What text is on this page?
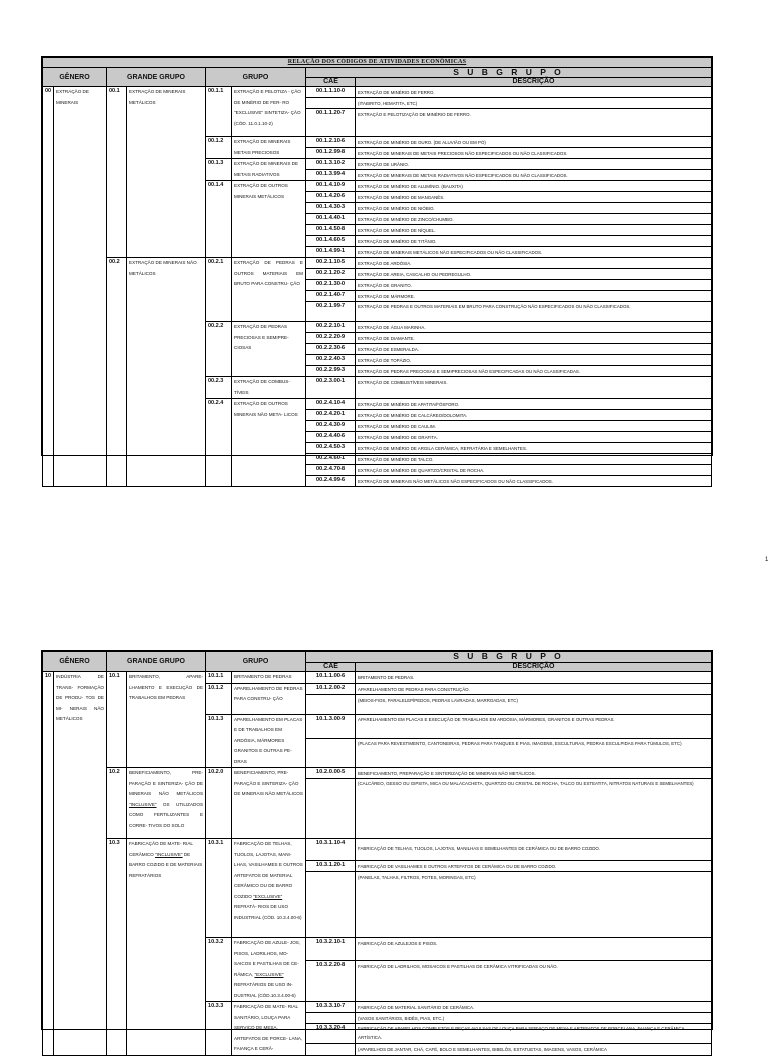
RELAÇÃO DOS CÓDIGOS DE ATIVIDADES ECONÔMICAS							
GÊNERO		GRANDE GRUPO		GRUPO		S U B G R U P O	
						CAE	DESCRIÇÃO
00	EXTRAÇÃO DE MINERAIS	00.1	EXTRAÇÃO DE MINERAIS METÁLICOS	00.1.1	EXTRAÇÃO E PELOTIZA - ÇÃO DE MINÉRIO DE FER- RO "EXCLUSIVE" SINTETIZA- ÇÃO (CÓD. 11.0.1.10-2)	00.1.1.10-0	EXTRAÇÃO DE MINÉRIO DE FERRO.
							(ITABIRITO, HEMATITA, ETC)
						00.1.1.20-7	EXTRAÇÃO E PELOTIZAÇÃO DE MINÉRIO DE FERRO.
				00.1.2	EXTRAÇÃO DE MINERAIS METAIS PRECIOSOS	00.1.2.10-6	EXTRAÇÃO DE MINÉRIO DE OURO. (DE ALUVIÃO OU EM PÓ)
						00.1.2.99-8	EXTRAÇÃO DE MINERAIS DE METAIS PRECIOSOS NÃO ESPECIFICADOS OU NÃO CLASSIFICADOS.
				00.1.3	EXTRAÇÃO DE MINERAIS DE METAIS RADIATIVOS	00.1.3.10-2	EXTRAÇÃO DE URÂNIO.
						00.1.3.99-4	EXTRAÇÃO DE MINERAIS DE METAIS RADIATIVOS NÃO ESPECIFICADOS OU NÃO CLASSIFICADOS.
				00.1.4	EXTRAÇÃO DE OUTROS MINERAIS METÁLICOS	00.1.4.10-9	EXTRAÇÃO DE MINÉRIO DE ALUMÍNIO. (BAUXITA)
						00.1.4.20-6	EXTRAÇÃO DE MINÉRIO DE MANGANÊS.
						00.1.4.30-3	EXTRAÇÃO DE MINÉRIO DE NIÓBIO.
						00.1.4.40-1	EXTRAÇÃO DE MINÉRIO DE ZINCO/CHUMBO.
						00.1.4.50-8	EXTRAÇÃO DE MINÉRIO DE NÍQUEL.
						00.1.4.60-5	EXTRAÇÃO DE MINÉRIO DE TITÂNIO.
						00.1.4.99-1	EXTRAÇÃO DE MINERAIS METÁLICOS NÃO ESPECIFICADOS OU NÃO CLASSIFICADOS.
		00.2	EXTRAÇÃO DE MINERAIS NÃO METÁLICOS	00.2.1	EXTRAÇÃO DE PEDRAS E OUTROS MATERIAIS EM BRUTO PARA CONSTRU- ÇÃO	00.2.1.10-5	EXTRAÇÃO DE ARDÓSIA.
						00.2.1.20-2	EXTRAÇÃO DE AREIA, CASCALHO OU PEDREGULHO.
						00.2.1.30-0	EXTRAÇÃO DE GRANITO.
						00.2.1.40-7	EXTRAÇÃO DE MÁRMORE.
						00.2.1.99-7	EXTRAÇÃO DE PEDRAS E OUTROS MATERIAIS EM BRUTO PARA CONSTRUÇÃO NÃO ESPECIFICADOS OU NÃO CLASSIFICADOS.
				00.2.2	EXTRAÇÃO DE PEDRAS PRECIOSAS E SEMIPRE- CIOSAS	00.2.2.10-1	EXTRAÇÃO DE ÁGUA MARINHA.
						00.2.2.20-9	EXTRAÇÃO DE DIAMANTE.
						00.2.2.30-6	EXTRAÇÃO DE ESMERALDA.
						00.2.2.40-3	EXTRAÇÃO DE TOPÁZIO.
						00.2.2.99-3	EXTRAÇÃO DE PEDRAS PRECIOSAS E SEMIPRECIOSAS NÃO ESPECIFICADAS OU NÃO CLASSIFICADAS.
				00.2.3	EXTRAÇÃO DE COMBUS- TÍVEIS	00.2.3.00-1	EXTRAÇÃO DE COMBUSTÍVEIS MINERAIS.
				00.2.4	EXTRAÇÃO DE OUTROS MINERAIS NÃO META- LICOS	00.2.4.10-4	EXTRAÇÃO DE MINÉRIO DE APATITA/FÓSFORO.
						00.2.4.20-1	EXTRAÇÃO DE MINÉRIO DE CALCÁREO/DOLOMITA.
						00.2.4.30-9	EXTRAÇÃO DE MINÉRIO DE CAULIM.
						00.2.4.40-6	EXTRAÇÃO DE MINÉRIO DE GRAFITA.
						00.2.4.50-3	EXTRAÇÃO DE MINÉRIO DE ARGILA CERÂMICA, REFRATÁRIA E SEMELHANTES.
						00.2.4.60-1	EXTRAÇÃO DE MINÉRIO DE TALCO.
						00.2.4.70-8	EXTRAÇÃO DE MINÉRIO DE QUARTZO/CRISTAL DE ROCHA.
						00.2.4.99-6	EXTRAÇÃO DE MINERAIS NÃO METÁLICOS NÃO ESPECIFICADOS OU NÃO CLASSIFICADOS.
1
GÊNERO		GRANDE GRUPO		GRUPO		S U B G R U P O	
						CAE	DESCRIÇÃO
10	INDÚSTRIA DE TRANS- FORMAÇÃO DE PRODU- TOS DE MI- NERAIS NÃO METÁLICOS	10.1	BRITAMENTO, APARE- LHAMENTO E EXECUÇÃO DE TRABALHOS EM PEDRAS	10.1.1	BRITAMENTO DE PEDRAS	10.1.1.00-6	BRITAMENTO DE PEDRAS.
				10.1.2	APARELHAMENTO DE PEDRAS PARA CONSTRU- ÇÃO	10.1.2.00-2	APARELHAMENTO DE PEDRAS PARA CONSTRUÇÃO.
							(MEIOS-FIOS, PARALELEPÍPEDOS, PEDRAS LAVRADAS, MARROADAS, ETC)
				10.1.3	APARELHAMENTO EM PLACAS E DE TRABALHOS EM ARDÓSIA, MÁRMORES GRANITOS E OUTRAS PE- DRAS	10.1.3.00-9	APARELHAMENTO EM PLACAS E EXECUÇÃO DE TRABALHOS EM ARDÓSIA, MÁRMORES, GRANITOS E OUTRAS PEDRAS.
							(PLACAS PARA REVESTIMENTO, CANTONEIRAS, PEDRAS PARA TANQUES E PIAS, IMAGENS, ESCULTURAS, PEDRAS ESCULPIDAS PARA TÚMULOS, ETC)
		10.2	BENEFICIAMENTO, PRE- PARAÇÃO E SINTERIZA- ÇÃO DE MINERAIS NÃO METÁLICOS "INCLUSIVE" OS UTILIZADOS COMO FERTILIZANTES E CORRE- TIVOS DO SOLO	10.2.0	BENEFICIAMENTO, PRE- PARAÇÃO E SINTERIZA- ÇÃO DE MINERAIS NÃO METÁLICOS	10.2.0.00-5	BENEFICIAMENTO, PREPARAÇÃO E SINTERIZAÇÃO DE MINERAIS NÃO METÁLICOS.
							(CALCÁREO, GESSO OU GIPSITA, MICA OU MALACACHETA, QUARTZO OU CRISTAL DE ROCHA, TALCO OU ESTEATITA, NITRATOS NATURAIS E SEMELHANTES)
		10.3	FABRICAÇÃO DE MATE- RIAL CERÂMICO "INCLUSIVE" DE BARRO COZIDO E DE MATERIAIS REFRATÁRIOS	10.3.1	FABRICAÇÃO DE TELHAS, TIJOLOS, LAJOTAS, MANI- LHAS, VASILHAMES E OUTROS ARTEFATOS DE MATERIAL CERÂMICO OU DE BARRO COZIDO "EXCLUSIVE" REFRATÁ- RIOS DE USO INDUSTRIAL (CÓD. 10.3.4.00-6)	10.3.1.10-4	FABRICAÇÃO DE TELHAS, TIJOLOS, LAJOTAS, MANILHAS E SEMELHANTES DE CERÂMICA OU DE BARRO COZIDO.
						10.3.1.20-1	FABRICAÇÃO DE VASILHAMES E OUTROS ARTEFATOS DE CERÂMICA OU DE BARRO COZIDO.
							(PANELAS, TALHAS, FILTROS, POTES, MORINGAS, ETC)
				10.3.2	FABRICAÇÃO DE AZULE- JOS, PISOS, LADRILHOS, MO- SAICOS E PASTILHAS DE CE- RÂMICA, "EXCLUSIVE" REFRATÁRIOS DE USO IN- DUSTRIAL (CÓD.10.3.4.00-6)	10.3.2.10-1	FABRICAÇÃO DE AZULEJOS E PISOS.
						10.3.2.20-8	FABRICAÇÃO DE LADRILHOS, MOSAICOS E PASTILHAS DE CERÂMICA VITRIFICADAS OU NÃO.
				10.3.3	FABRICAÇÃO DE MATE- RIAL SANITÁRIO, LOUÇA PARA SERVIÇO DE MESA, ARTEFATOS DE PORCE- LANA, FAIANÇA E CERÂ-	10.3.3.10-7	FABRICAÇÃO DE MATERIAL SANITÁRIO DE CERÂMICA.
							(VASOS SANITÁRIOS, BIDÊS, PIAS, ETC.)
						10.3.3.20-4	FABRICAÇÃO DE APARELHOS COMPLETOS E PEÇAS AVULSAS DE LOUÇA PARA SERVIÇO DE MESA E ARTEFATOS DE PORCELANA, FAIANÇA E CERÂMICA ARTÍSTICA.
							(APARELHOS DE JANTAR, CHÁ, CAFÉ, BOLO E SEMELHANTES, BIBELÔS, ESTATUETAS, IMAGENS, VASOS, CERÂMICA
